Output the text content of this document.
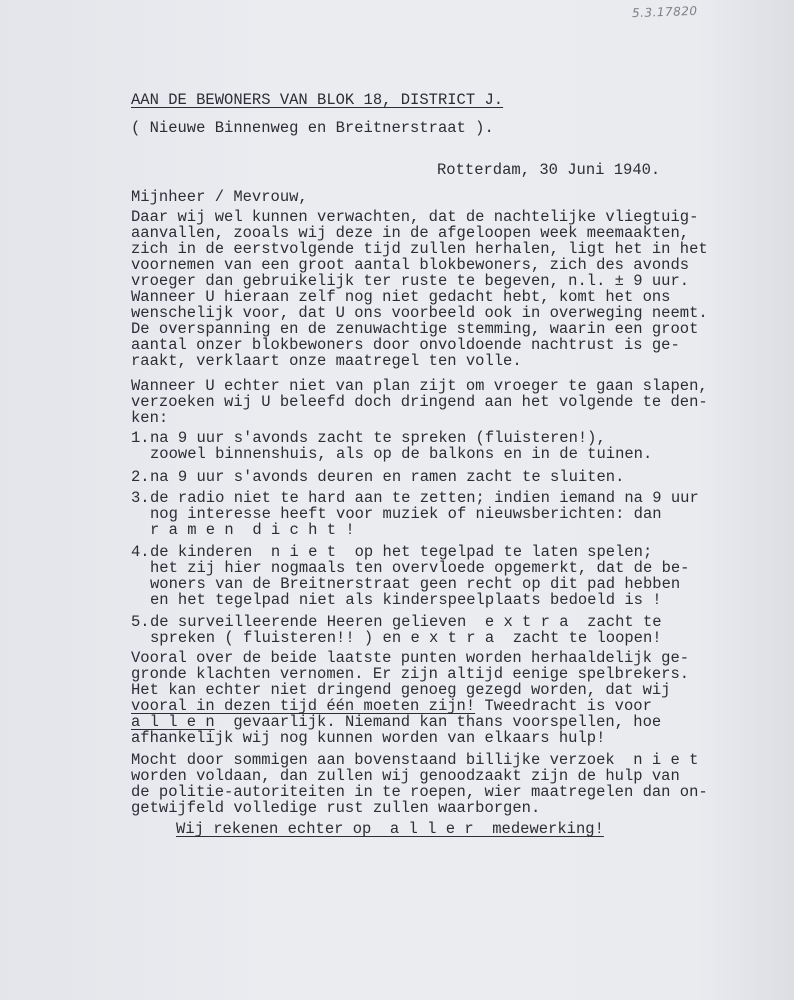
5.3.17820
AAN DE BEWONERS VAN BLOK 18, DISTRICT J.
( Nieuwe Binnenweg en Breitnerstraat ).
Rotterdam, 30 Juni 1940.
Mijnheer / Mevrouw,
Daar wij wel kunnen verwachten, dat de nachtelijke vliegtuig-
aanvallen, zooals wij deze in de afgeloopen week meemaakten,
zich in de eerstvolgende tijd zullen herhalen, ligt het in het
voornemen van een groot aantal blokbewoners, zich des avonds
vroeger dan gebruikelijk ter ruste te begeven, n.l. ± 9 uur.
Wanneer U hieraan zelf nog niet gedacht hebt, komt het ons
wenschelijk voor, dat U ons voorbeeld ook in overweging neemt.
De overspanning en de zenuwachtige stemming, waarin een groot
aantal onzer blokbewoners door onvoldoende nachtrust is ge-
raakt, verklaart onze maatregel ten volle.
Wanneer U echter niet van plan zijt om vroeger te gaan slapen,
verzoeken wij U beleefd doch dringend aan het volgende te den-
ken:
1. na 9 uur s'avonds zacht te spreken (fluisteren!),
zoowel binnenshuis, als op de balkons en in de tuinen.
2. na 9 uur s'avonds deuren en ramen zacht te sluiten.
3. de radio niet te hard aan te zetten; indien iemand na 9 uur
nog interesse heeft voor muziek of nieuwsberichten: dan
r a m e n  d i c h t !
4. de kinderen  n i e t  op het tegelpad te laten spelen;
het zij hier nogmaals ten overvloede opgemerkt, dat de be-
woners van de Breitnerstraat geen recht op dit pad hebben
en het tegelpad niet als kinderspeelplaats bedoeld is !
5. de surveilleerende Heeren gelieven  e x t r a  zacht te
spreken ( fluisteren!! ) en e x t r a  zacht te loopen!
Vooral over de beide laatste punten worden herhaaldelijk ge-
gronde klachten vernomen. Er zijn altijd eenige spelbrekers.
Het kan echter niet dringend genoeg gezegd worden, dat wij
vooral in dezen tijd één moeten zijn! Tweedracht is voor
a l l e n  gevaarlijk. Niemand kan thans voorspellen, hoe
afhankelijk wij nog kunnen worden van elkaars hulp!
Mocht door sommigen aan bovenstaand billijke verzoek  n i e t
worden voldaan, dan zullen wij genoodzaakt zijn de hulp van
de politie-autoriteiten in te roepen, wier maatregelen dan on-
getwijfeld volledige rust zullen waarborgen.
Wij rekenen echter op  a l l e r  medewerking!
